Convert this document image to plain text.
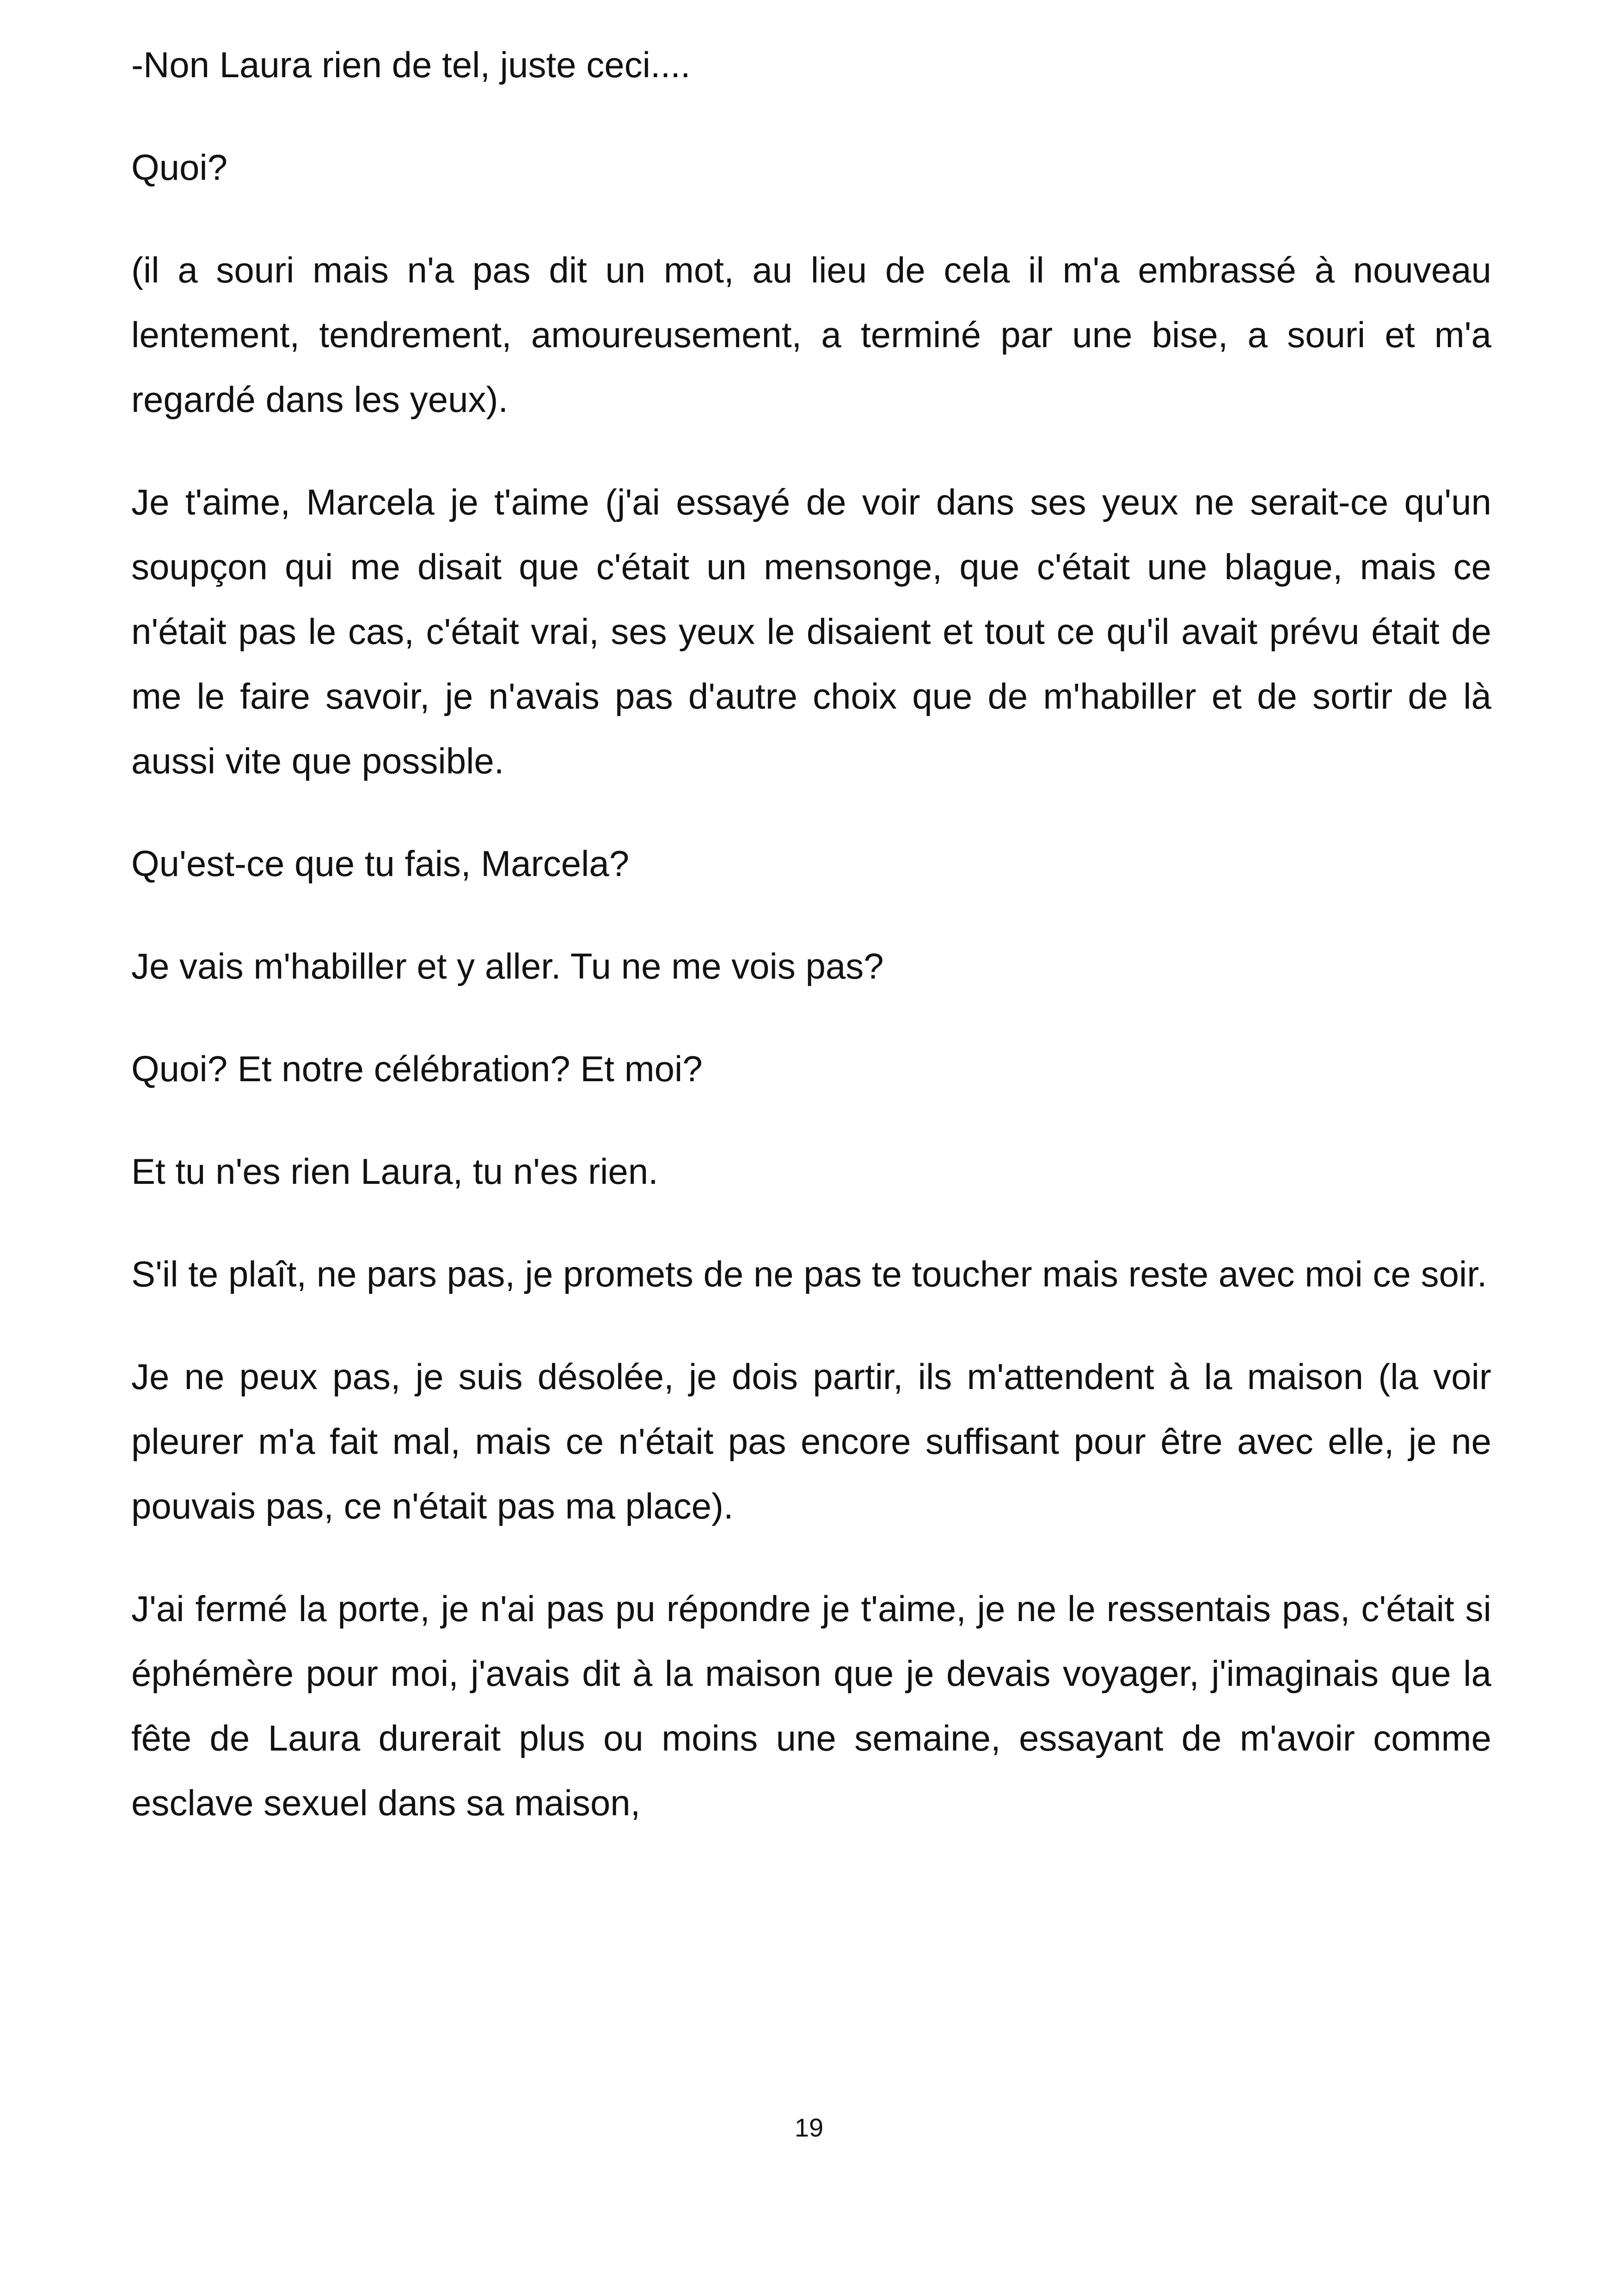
-Non Laura rien de tel, juste ceci....

Quoi?

(il a souri mais n'a pas dit un mot, au lieu de cela il m'a embrassé à nouveau lentement, tendrement, amoureusement, a terminé par une bise, a souri et m'a regardé dans les yeux).

Je t'aime, Marcela je t'aime (j'ai essayé de voir dans ses yeux ne serait-ce qu'un soupçon qui me disait que c'était un mensonge, que c'était une blague, mais ce n'était pas le cas, c'était vrai, ses yeux le disaient et tout ce qu'il avait prévu était de me le faire savoir, je n'avais pas d'autre choix que de m'habiller et de sortir de là aussi vite que possible.

Qu'est-ce que tu fais, Marcela?

Je vais m'habiller et y aller. Tu ne me vois pas?

Quoi? Et notre célébration? Et moi?

Et tu n'es rien Laura, tu n'es rien.

S'il te plaît, ne pars pas, je promets de ne pas te toucher mais reste avec moi ce soir.

Je ne peux pas, je suis désolée, je dois partir, ils m'attendent à la maison (la voir pleurer m'a fait mal, mais ce n'était pas encore suffisant pour être avec elle, je ne pouvais pas, ce n'était pas ma place).

J'ai fermé la porte, je n'ai pas pu répondre je t'aime, je ne le ressentais pas, c'était si éphémère pour moi, j'avais dit à la maison que je devais voyager, j'imaginais que la fête de Laura durerait plus ou moins une semaine, essayant de m'avoir comme esclave sexuel dans sa maison,

19
